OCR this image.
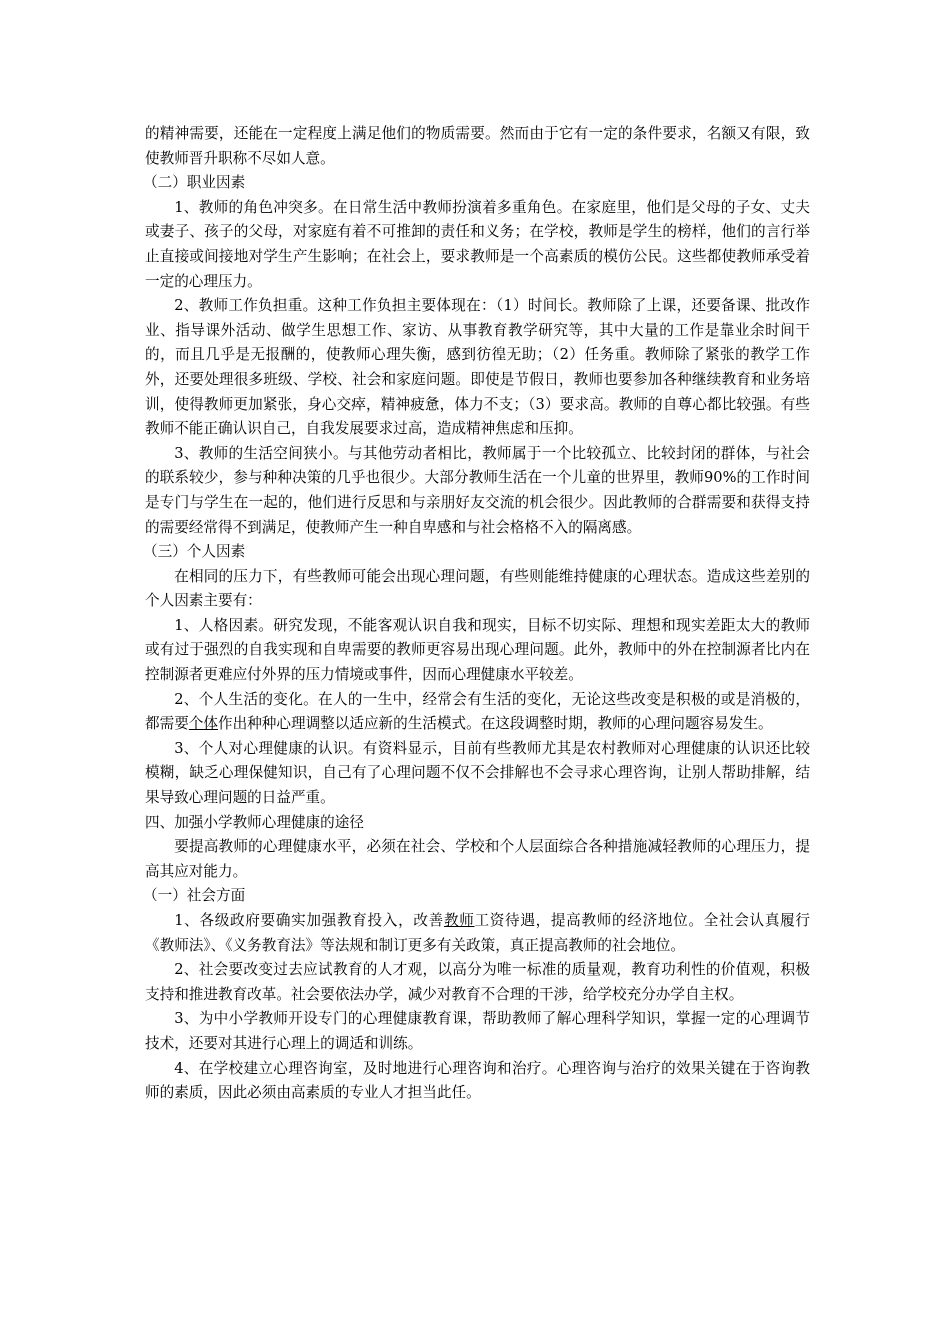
的精神需要，还能在一定程度上满足他们的物质需要。然而由于它有一定的条件要求，名额又有限，致使教师晋升职称不尽如人意。

（二）职业因素

1、教师的角色冲突多。在日常生活中教师扮演着多重角色。在家庭里，他们是父母的子女、丈夫或妻子、孩子的父母，对家庭有着不可推卸的责任和义务；在学校，教师是学生的榜样，他们的言行举止直接或间接地对学生产生影响；在社会上，要求教师是一个高素质的模仿公民。这些都使教师承受着一定的心理压力。

2、教师工作负担重。这种工作负担主要体现在：（1）时间长。教师除了上课，还要备课、批改作业、指导课外活动、做学生思想工作、家访、从事教育教学研究等，其中大量的工作是靠业余时间干的，而且几乎是无报酬的，使教师心理失衡，感到彷徨无助；（2）任务重。教师除了紧张的教学工作外，还要处理很多班级、学校、社会和家庭问题。即使是节假日，教师也要参加各种继续教育和业务培训，使得教师更加紧张，身心交瘁，精神疲惫，体力不支；（3）要求高。教师的自尊心都比较强。有些教师不能正确认识自己，自我发展要求过高，造成精神焦虑和压抑。

3、教师的生活空间狭小。与其他劳动者相比，教师属于一个比较孤立、比较封闭的群体，与社会的联系较少，参与种种决策的几乎也很少。大部分教师生活在一个儿童的世界里，教师90%的工作时间是专门与学生在一起的，他们进行反思和与亲朋好友交流的机会很少。因此教师的合群需要和获得支持的需要经常得不到满足，使教师产生一种自卑感和与社会格格不入的隔离感。

（三）个人因素

在相同的压力下，有些教师可能会出现心理问题，有些则能维持健康的心理状态。造成这些差别的个人因素主要有：

1、人格因素。研究发现，不能客观认识自我和现实，目标不切实际、理想和现实差距太大的教师或有过于强烈的自我实现和自卑需要的教师更容易出现心理问题。此外，教师中的外在控制源者比内在控制源者更难应付外界的压力情境或事件，因而心理健康水平较差。

2、个人生活的变化。在人的一生中，经常会有生活的变化，无论这些改变是积极的或是消极的，都需要个体作出种种心理调整以适应新的生活模式。在这段调整时期，教师的心理问题容易发生。

3、个人对心理健康的认识。有资料显示，目前有些教师尤其是农村教师对心理健康的认识还比较模糊，缺乏心理保健知识，自己有了心理问题不仅不会排解也不会寻求心理咨询，让别人帮助排解，结果导致心理问题的日益严重。

四、加强小学教师心理健康的途径

要提高教师的心理健康水平，必须在社会、学校和个人层面综合各种措施减轻教师的心理压力，提高其应对能力。

（一）社会方面

1、各级政府要确实加强教育投入，改善教师工资待遇，提高教师的经济地位。全社会认真履行《教师法》、《义务教育法》等法规和制订更多有关政策，真正提高教师的社会地位。

2、社会要改变过去应试教育的人才观，以高分为唯一标准的质量观，教育功利性的价值观，积极支持和推进教育改革。社会要依法办学，减少对教育不合理的干涉，给学校充分办学自主权。

3、为中小学教师开设专门的心理健康教育课，帮助教师了解心理科学知识，掌握一定的心理调节技术，还要对其进行心理上的调适和训练。

4、在学校建立心理咨询室，及时地进行心理咨询和治疗。心理咨询与治疗的效果关键在于咨询教师的素质，因此必须由高素质的专业人才担当此任。
